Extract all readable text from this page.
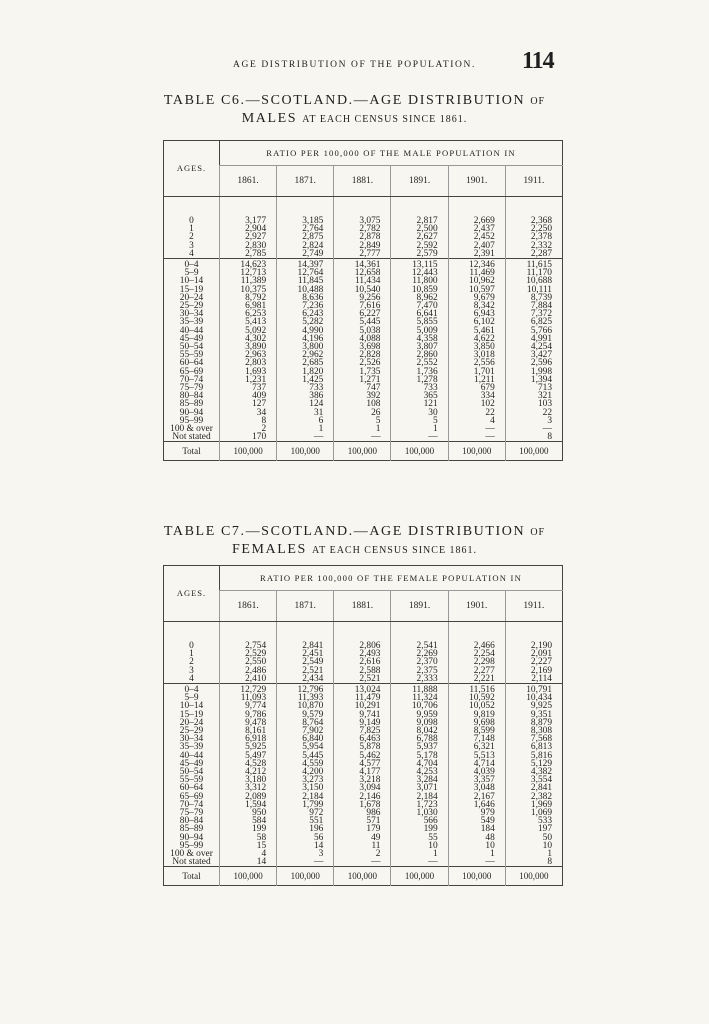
AGE DISTRIBUTION OF THE POPULATION.	114
TABLE C6.—SCOTLAND.—AGE DISTRIBUTION OF
MALES AT EACH CENSUS SINCE 1861.
AGES.	RATIO PER 100,000 OF THE MALE POPULATION IN					
	1861.	1871.	1881.	1891.	1901.	1911.

0	3,177	3,185	3,075	2,817	2,669	2,368
1	2,904	2,764	2,782	2,500	2,437	2,250
2	2,927	2,875	2,878	2,627	2,452	2,378
3	2,830	2,824	2,849	2,592	2,407	2,332
4	2,785	2,749	2,777	2,579	2,391	2,287
0–4	14,623	14,397	14,361	13,115	12,346	11,615
5–9	12,713	12,764	12,658	12,443	11,469	11,170
10–14	11,389	11,845	11,434	11,800	10,962	10,688
15–19	10,375	10,488	10,540	10,859	10,597	10,111
20–24	8,792	8,636	9,256	8,962	9,679	8,739
25–29	6,981	7,236	7,616	7,470	8,342	7,884
30–34	6,253	6,243	6,227	6,641	6,943	7,372
35–39	5,413	5,282	5,445	5,855	6,102	6,825
40–44	5,092	4,990	5,038	5,009	5,461	5,766
45–49	4,302	4,196	4,088	4,358	4,622	4,991
50–54	3,890	3,800	3,698	3,807	3,850	4,254
55–59	2,963	2,962	2,828	2,860	3,018	3,427
60–64	2,803	2,685	2,526	2,552	2,556	2,596
65–69	1,693	1,820	1,735	1,736	1,701	1,998
70–74	1,231	1,425	1,271	1,278	1,211	1,394
75–79	737	733	747	733	679	713
80–84	409	386	392	365	334	321
85–89	127	124	108	121	102	103
90–94	34	31	26	30	22	22
95–99	8	6	5	5	4	3
100 & over	2	1	1	1	—	—
Not stated	170	—	—	—	—	8
Total	100,000	100,000	100,000	100,000	100,000	100,000
TABLE C7.—SCOTLAND.—AGE DISTRIBUTION OF
FEMALES AT EACH CENSUS SINCE 1861.
AGES.	RATIO PER 100,000 OF THE FEMALE POPULATION IN					
	1861.	1871.	1881.	1891.	1901.	1911.

0	2,754	2,841	2,806	2,541	2,466	2,190
1	2,529	2,451	2,493	2,269	2,254	2,091
2	2,550	2,549	2,616	2,370	2,298	2,227
3	2,486	2,521	2,588	2,375	2,277	2,169
4	2,410	2,434	2,521	2,333	2,221	2,114
0–4	12,729	12,796	13,024	11,888	11,516	10,791
5–9	11,093	11,393	11,479	11,324	10,592	10,434
10–14	9,774	10,870	10,291	10,706	10,052	9,925
15–19	9,786	9,579	9,741	9,959	9,819	9,351
20–24	9,478	8,764	9,149	9,098	9,698	8,879
25–29	8,161	7,902	7,825	8,042	8,599	8,308
30–34	6,918	6,840	6,463	6,788	7,148	7,568
35–39	5,925	5,954	5,878	5,937	6,321	6,813
40–44	5,497	5,445	5,462	5,178	5,513	5,816
45–49	4,528	4,559	4,577	4,704	4,714	5,129
50–54	4,212	4,200	4,177	4,253	4,039	4,382
55–59	3,180	3,273	3,218	3,284	3,357	3,554
60–64	3,312	3,150	3,094	3,071	3,048	2,841
65–69	2,089	2,184	2,146	2,184	2,167	2,382
70–74	1,594	1,799	1,678	1,723	1,646	1,969
75–79	950	972	986	1,030	979	1,069
80–84	584	551	571	566	549	533
85–89	199	196	179	199	184	197
90–94	58	56	49	55	48	50
95–99	15	14	11	10	10	10
100 & over	4	3	2	1	1	1
Not stated	14	—	—	—	—	8
Total	100,000	100,000	100,000	100,000	100,000	100,000
